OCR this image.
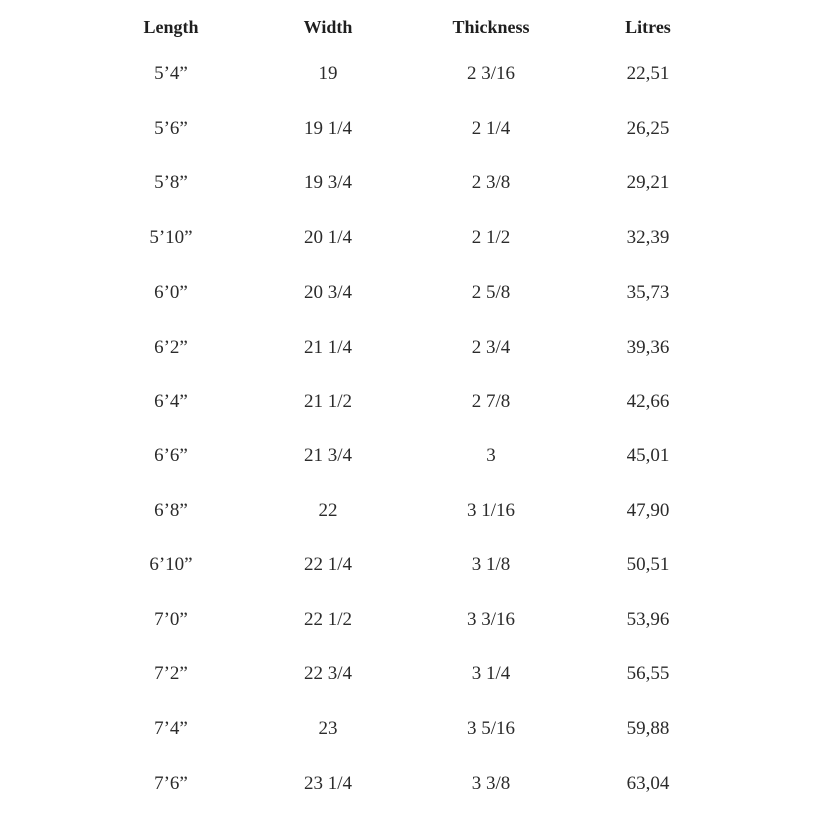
Length	Width	Thickness	Litres
5’4”	19	2 3/16	22,51
5’6”	19 1/4	2 1/4	26,25
5’8”	19 3/4	2 3/8	29,21
5’10”	20 1/4	2 1/2	32,39
6’0”	20 3/4	2 5/8	35,73
6’2”	21 1/4	2 3/4	39,36
6’4”	21 1/2	2 7/8	42,66
6’6”	21 3/4	3	45,01
6’8”	22	3 1/16	47,90
6’10”	22 1/4	3 1/8	50,51
7’0”	22 1/2	3 3/16	53,96
7’2”	22 3/4	3 1/4	56,55
7’4”	23	3 5/16	59,88
7’6”	23 1/4	3 3/8	63,04
